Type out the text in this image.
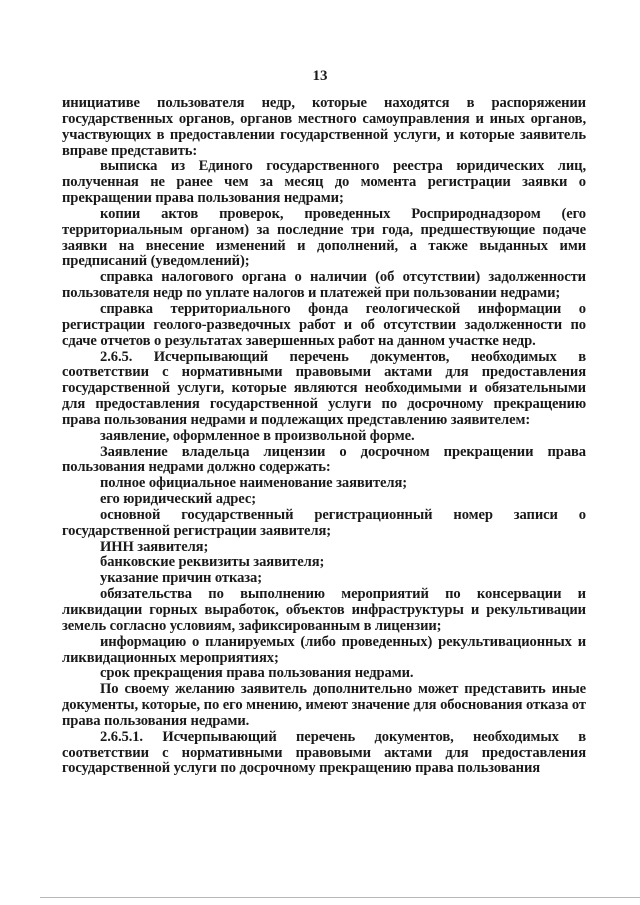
13

инициативе пользователя недр, которые находятся в распоряжении государственных органов, органов местного самоуправления и иных органов, участвующих в предоставлении государственной услуги, и которые заявитель вправе представить:

выписка из Единого государственного реестра юридических лиц, полученная не ранее чем за месяц до момента регистрации заявки о прекращении права пользования недрами;

копии актов проверок, проведенных Росприроднадзором (его территориальным органом) за последние три года, предшествующие подаче заявки на внесение изменений и дополнений, а также выданных ими предписаний (уведомлений);

справка налогового органа о наличии (об отсутствии) задолженности пользователя недр по уплате налогов и платежей при пользовании недрами;

справка территориального фонда геологической информации о регистрации геолого-разведочных работ и об отсутствии задолженности по сдаче отчетов о результатах завершенных работ на данном участке недр.

2.6.5. Исчерпывающий перечень документов, необходимых в соответствии с нормативными правовыми актами для предоставления государственной услуги, которые являются необходимыми и обязательными для предоставления государственной услуги по досрочному прекращению права пользования недрами и подлежащих представлению заявителем:

заявление, оформленное в произвольной форме.

Заявление владельца лицензии о досрочном прекращении права пользования недрами должно содержать:

полное официальное наименование заявителя;

его юридический адрес;

основной государственный регистрационный номер записи о государственной регистрации заявителя;

ИНН заявителя;

банковские реквизиты заявителя;

указание причин отказа;

обязательства по выполнению мероприятий по консервации и ликвидации горных выработок, объектов инфраструктуры и рекультивации земель согласно условиям, зафиксированным в лицензии;

информацию о планируемых (либо проведенных) рекультивационных и ликвидационных мероприятиях;

срок прекращения права пользования недрами.

По своему желанию заявитель дополнительно может представить иные документы, которые, по его мнению, имеют значение для обоснования отказа от права пользования недрами.

2.6.5.1. Исчерпывающий перечень документов, необходимых в соответствии с нормативными правовыми актами для предоставления государственной услуги по досрочному прекращению права пользования
